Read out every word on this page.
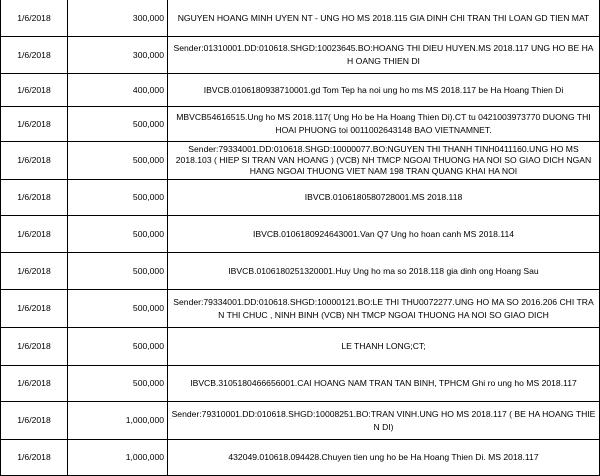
1/6/2018	300,000	NGUYEN HOANG MINH UYEN NT - UNG HO MS 2018.115 GIA DINH CHI TRAN THI LOAN GD TIEN MAT
1/6/2018	300,000	Sender:01310001.DD:010618.SHGD:10023645.BO:HOANG THI DIEU HUYEN.MS 2018.117 UNG HO BE HA H OANG THIEN DI
1/6/2018	400,000	IBVCB.0106180938710001.gd Tom Tep ha noi ung ho ms MS 2018.117 be Ha Hoang Thien Di
1/6/2018	500,000	MBVCB54616515.Ung ho MS 2018.117( Ung Ho be Ha Hoang Thien Di).CT tu 0421003973770 DUONG THI HOAI PHUONG toi 0011002643148 BAO VIETNAMNET.
1/6/2018	500,000	Sender:79334001.DD:010618.SHGD:10000077.BO:NGUYEN THI THANH TINH0411160.UNG HO MS 2018.103 ( HIEP SI TRAN VAN HOANG ) (VCB) NH TMCP NGOAI THUONG HA NOI SO GIAO DICH NGAN HANG NGOAI THUONG VIET NAM 198 TRAN QUANG KHAI HA NOI

1/6/2018	500,000	IBVCB.0106180580728001.MS 2018.118
1/6/2018	500,000	IBVCB.0106180924643001.Van Q7 Ung ho hoan canh MS 2018.114
1/6/2018	500,000	IBVCB.0106180251320001.Huy Ung ho ma so 2018.118 gia dinh ong Hoang Sau
1/6/2018	500,000	Sender:79334001.DD:010618.SHGD:10000121.BO:LE THI THU0072277.UNG HO MA SO 2016.206 CHI TRA N THI CHUC , NINH BINH (VCB) NH TMCP NGOAI THUONG HA NOI SO GIAO DICH
1/6/2018	500,000	LE THANH LONG;CT;
1/6/2018	500,000	IBVCB.3105180466656001.CAI HOANG NAM TRAN TAN BINH, TPHCM Ghi ro ung ho MS 2018.117
1/6/2018	1,000,000	Sender:79310001.DD:010618.SHGD:10008251.BO:TRAN VINH.UNG HO MS 2018.117 ( BE HA HOANG THIE N DI)
1/6/2018	1,000,000	432049.010618.094428.Chuyen tien ung ho be Ha Hoang Thien Di. MS 2018.117
